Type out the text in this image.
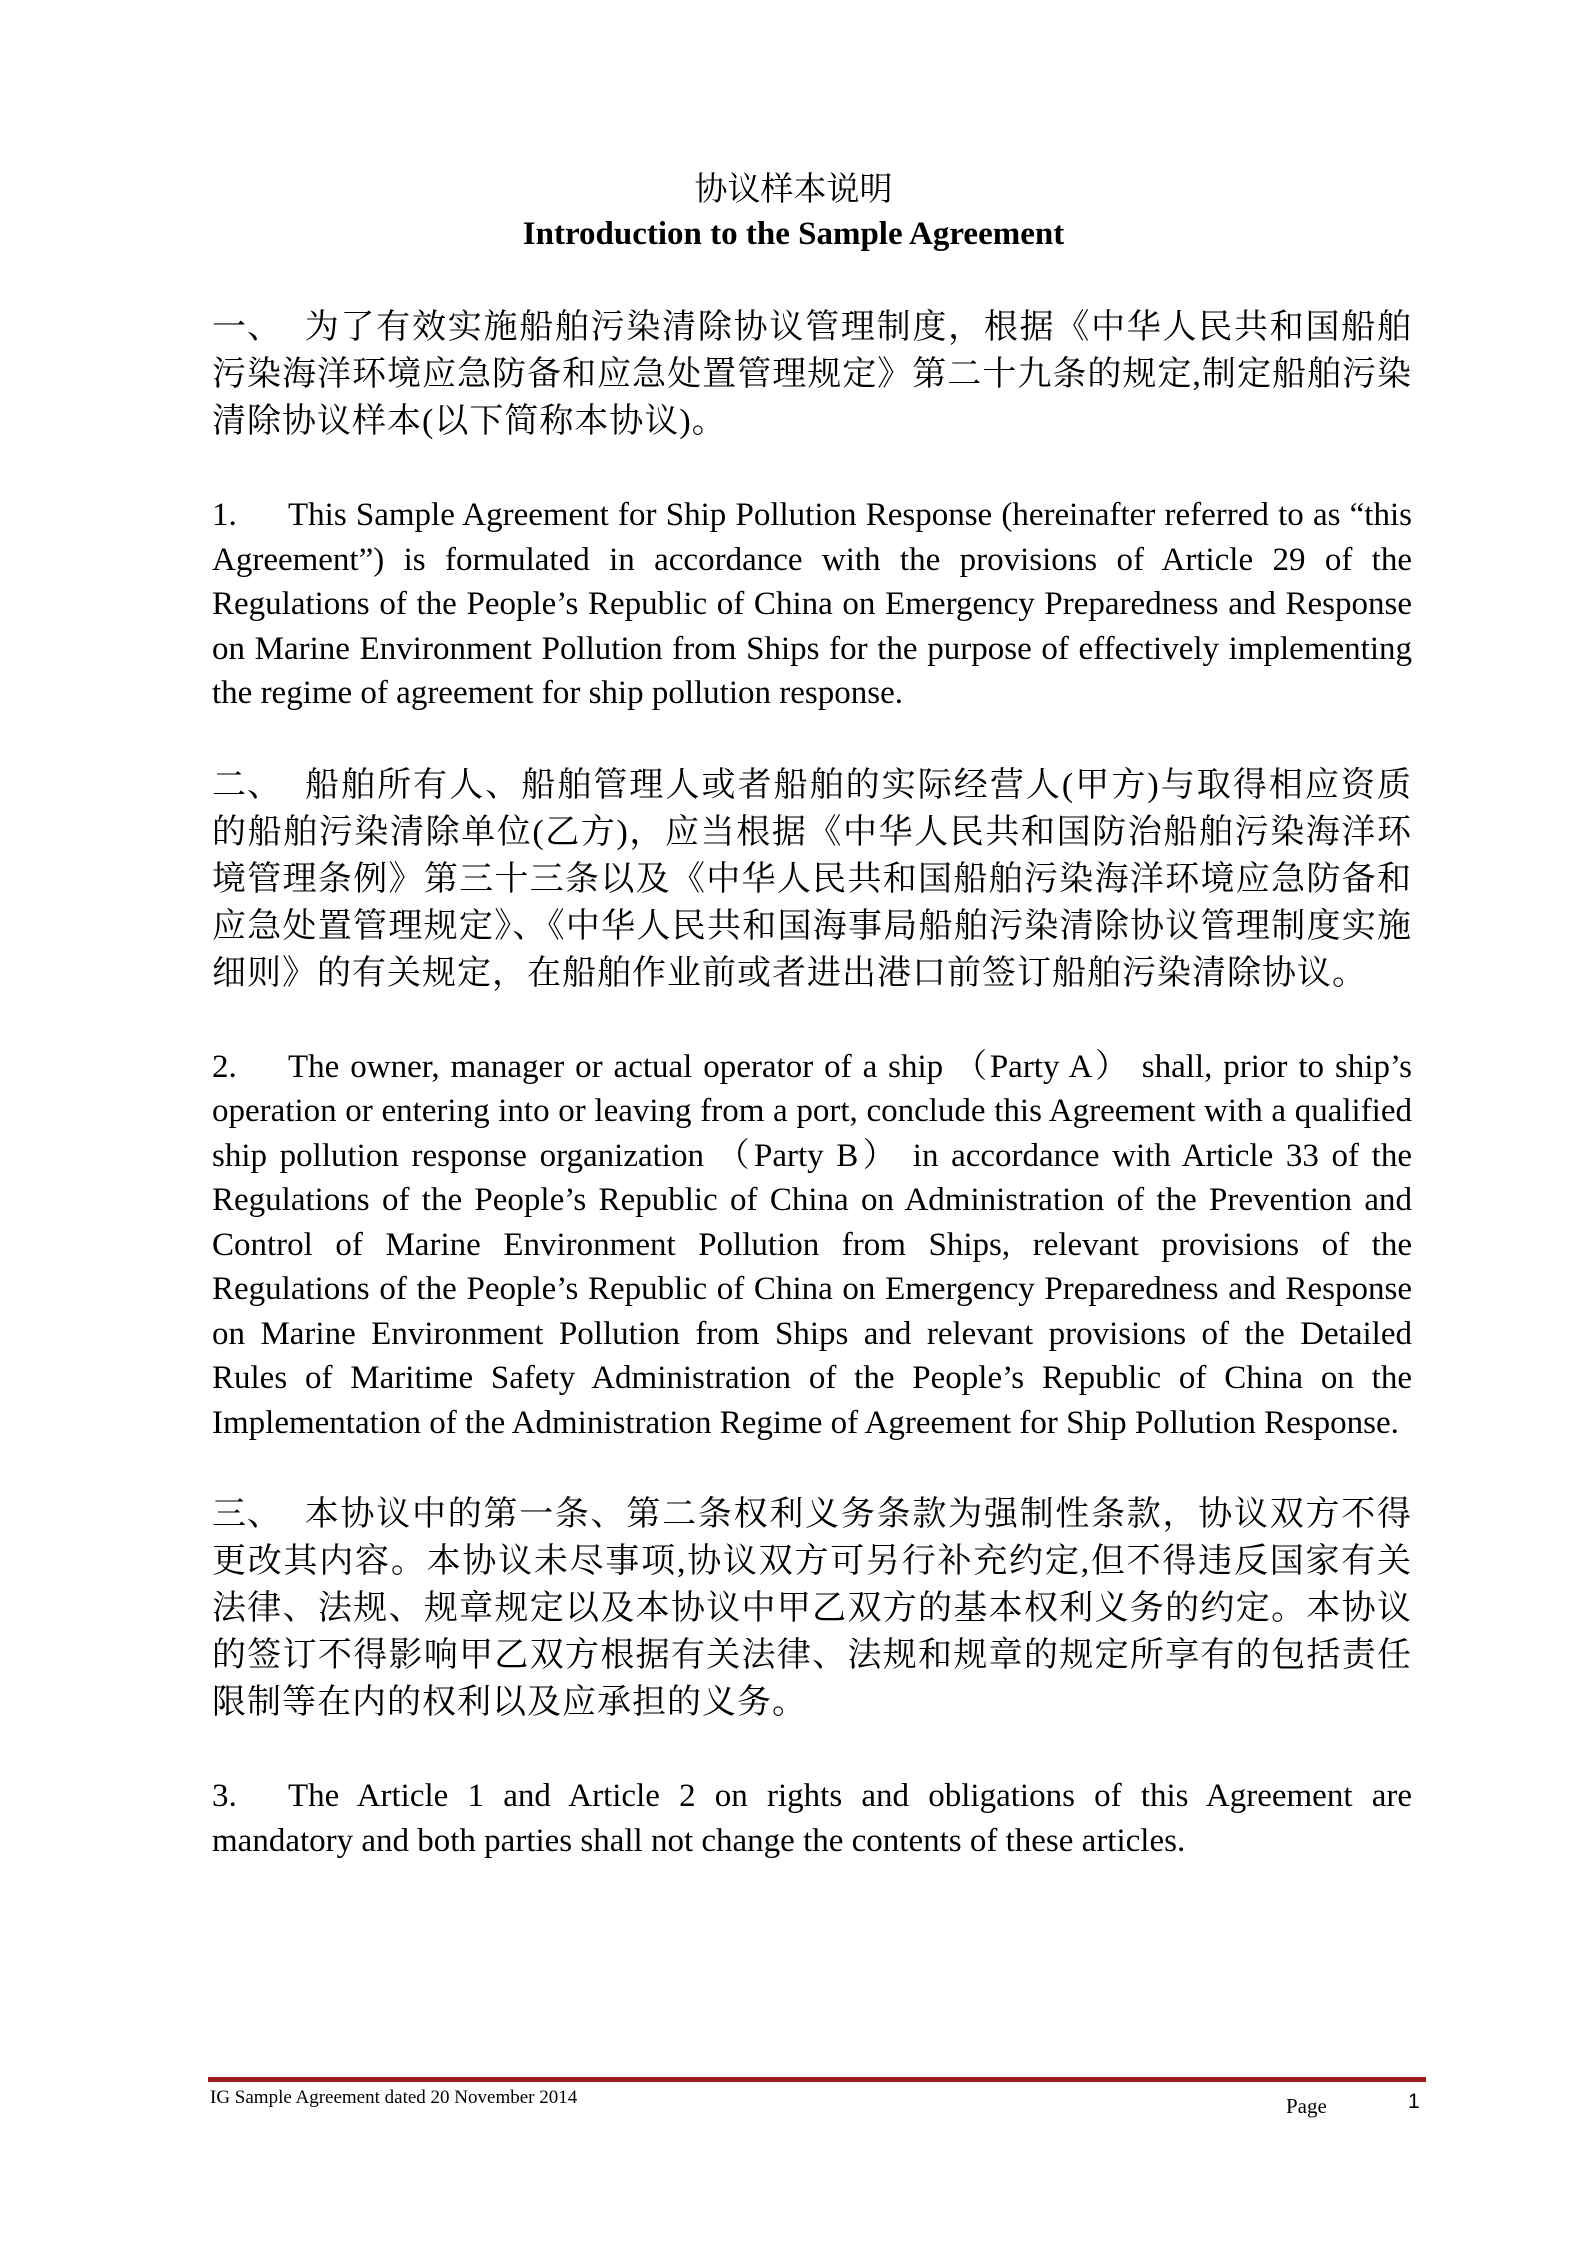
协议样本说明
Introduction to the Sample Agreement

一、 为了有效实施船舶污染清除协议管理制度，根据《中华人民共和国船舶污染海洋环境应急防备和应急处置管理规定》第二十九条的规定,制定船舶污染清除协议样本(以下简称本协议)。

1. This Sample Agreement for Ship Pollution Response (hereinafter referred to as “this Agreement”) is formulated in accordance with the provisions of Article 29 of the Regulations of the People’s Republic of China on Emergency Preparedness and Response on Marine Environment Pollution from Ships for the purpose of effectively implementing the regime of agreement for ship pollution response.

二、 船舶所有人、船舶管理人或者船舶的实际经营人(甲方)与取得相应资质的船舶污染清除单位(乙方)，应当根据《中华人民共和国防治船舶污染海洋环境管理条例》第三十三条以及《中华人民共和国船舶污染海洋环境应急防备和应急处置管理规定》、《中华人民共和国海事局船舶污染清除协议管理制度实施细则》的有关规定，在船舶作业前或者进出港口前签订船舶污染清除协议。

2. The owner, manager or actual operator of a ship （Party A） shall, prior to ship’s operation or entering into or leaving from a port, conclude this Agreement with a qualified ship pollution response organization （Party B） in accordance with Article 33 of the Regulations of the People’s Republic of China on Administration of the Prevention and Control of Marine Environment Pollution from Ships, relevant provisions of the Regulations of the People’s Republic of China on Emergency Preparedness and Response on Marine Environment Pollution from Ships and relevant provisions of the Detailed Rules of Maritime Safety Administration of the People’s Republic of China on the Implementation of the Administration Regime of Agreement for Ship Pollution Response.

三、 本协议中的第一条、第二条权利义务条款为强制性条款，协议双方不得更改其内容。本协议未尽事项,协议双方可另行补充约定,但不得违反国家有关法律、法规、规章规定以及本协议中甲乙双方的基本权利义务的约定。本协议的签订不得影响甲乙双方根据有关法律、法规和规章的规定所享有的包括责任限制等在内的权利以及应承担的义务。

3. The Article 1 and Article 2 on rights and obligations of this Agreement are mandatory and both parties shall not change the contents of these articles.

IG Sample Agreement dated 20 November 2014	Page	1
